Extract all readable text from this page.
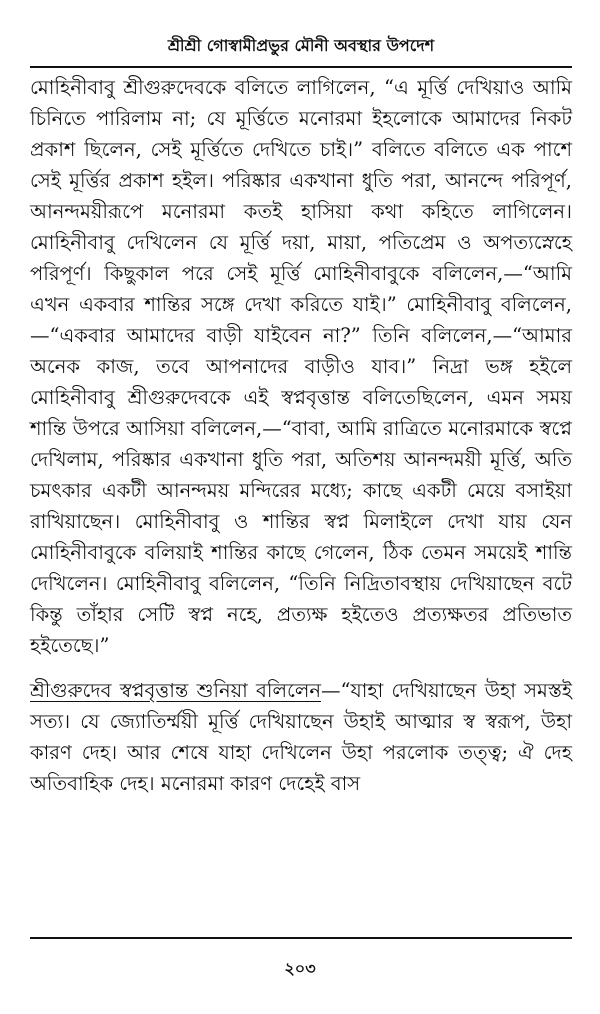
শ্রীশ্রী গোস্বামীপ্রভুর মৌনী অবস্থার উপদেশ

মোহিনীবাবু শ্রীগুরুদেবকে বলিতে লাগিলেন, “এ মূর্ত্তি দেখিয়াও আমি চিনিতে পারিলাম না; যে মূর্ত্তিতে মনোরমা ইহলোকে আমাদের নিকট প্রকাশ ছিলেন, সেই মূর্ত্তিতে দেখিতে চাই।” বলিতে বলিতে এক পাশে সেই মূর্ত্তির প্রকাশ হইল। পরিষ্কার একখানা ধুতি পরা, আনন্দে পরিপূর্ণ, আনন্দময়ীরূপে মনোরমা কতই হাসিয়া কথা কহিতে লাগিলেন। মোহিনীবাবু দেখিলেন যে মূর্ত্তি দয়া, মায়া, পতিপ্রেম ও অপত্যস্নেহে পরিপূর্ণ। কিছুকাল পরে সেই মূর্ত্তি মোহিনীবাবুকে বলিলেন,—“আমি এখন একবার শান্তির সঙ্গে দেখা করিতে যাই।” মোহিনীবাবু বলিলেন, —“একবার আমাদের বাড়ী যাইবেন না?” তিনি বলিলেন,—“আমার অনেক কাজ, তবে আপনাদের বাড়ীও যাব।” নিদ্রা ভঙ্গ হইলে মোহিনীবাবু শ্রীগুরুদেবকে এই স্বপ্নবৃত্তান্ত বলিতেছিলেন, এমন সময় শান্তি উপরে আসিয়া বলিলেন,—“বাবা, আমি রাত্রিতে মনোরমাকে স্বপ্নে দেখিলাম, পরিষ্কার একখানা ধুতি পরা, অতিশয় আনন্দময়ী মূর্ত্তি, অতি চমৎকার একটী আনন্দময় মন্দিরের মধ্যে; কাছে একটী মেয়ে বসাইয়া রাখিয়াছেন। মোহিনীবাবু ও শান্তির স্বপ্ন মিলাইলে দেখা যায় যেন মোহিনীবাবুকে বলিয়াই শান্তির কাছে গেলেন, ঠিক তেমন সময়েই শান্তি দেখিলেন। মোহিনীবাবু বলিলেন, “তিনি নিদ্রিতাবস্থায় দেখিয়াছেন বটে কিন্তু তাঁহার সেটি স্বপ্ন নহে, প্রত্যক্ষ হইতেও প্রত্যক্ষতর প্রতিভাত হইতেছে।”

শ্রীগুরুদেব স্বপ্নবৃত্তান্ত শুনিয়া বলিলেন—“যাহা দেখিয়াছেন উহা সমস্তই সত্য। যে জ্যোতির্ম্ময়ী মূর্ত্তি দেখিয়াছেন উহাই আত্মার স্ব স্বরূপ, উহা কারণ দেহ। আর শেষে যাহা দেখিলেন উহা পরলোক তত্ত্ব; ঐ দেহ অতিবাহিক দেহ। মনোরমা কারণ দেহেই বাস

২০৩
